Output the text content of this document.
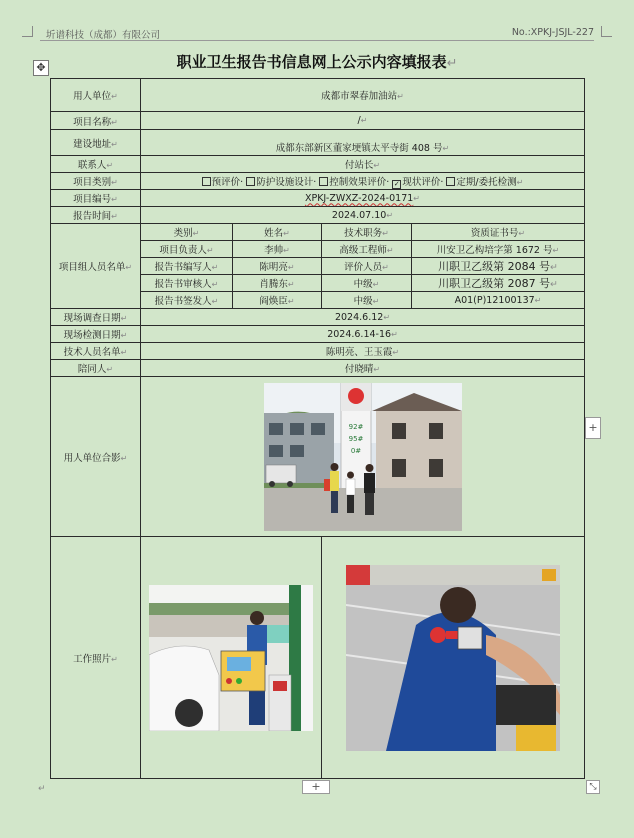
圻谱科技（成都）有限公司	No.:XPKJ-JSJL-227
✥	职业卫生报告书信息网上公示内容填报表↵
用人单位↵	成都市翠春加油站↵			
项目名称↵	/↵			
建设地址↵	成都东部新区董家埂镇太平寺街 408 号↵			
联系人↵	付站长↵			
项目类别↵	预评价· 防护设施设计· 控制效果评价· ✓ 现状评价· 定期/委托检测↵			
项目编号↵	XPKJ-ZWXZ-2024-0171↵			
报告时间↵	2024.07.10↵			
项目组人员名单↵	类别↵	姓名↵	技术职务↵	资质证书号↵
	项目负责人↵	李帅↵	高级工程师↵	川安卫乙构培字第 1672 号↵
	报告书编写人↵	陈明亮↵	评价人员↵	川职卫乙级第 2084 号↵
	报告书审核人↵	肖腾东↵	中级↵	川职卫乙级第 2087 号↵
	报告书签发人↵	阎焕臣↵	中级↵	A01(P)12100137↵
现场调查日期↵	2024.6.12↵			
现场检测日期↵	2024.6.14-16↵			
技术人员名单↵	陈明亮、王玉霞↵			
陪同人↵	付晓晴↵			
用人单位合影↵	92#
95#
0#			

工作照片↵	

+
+	⤡
↵
